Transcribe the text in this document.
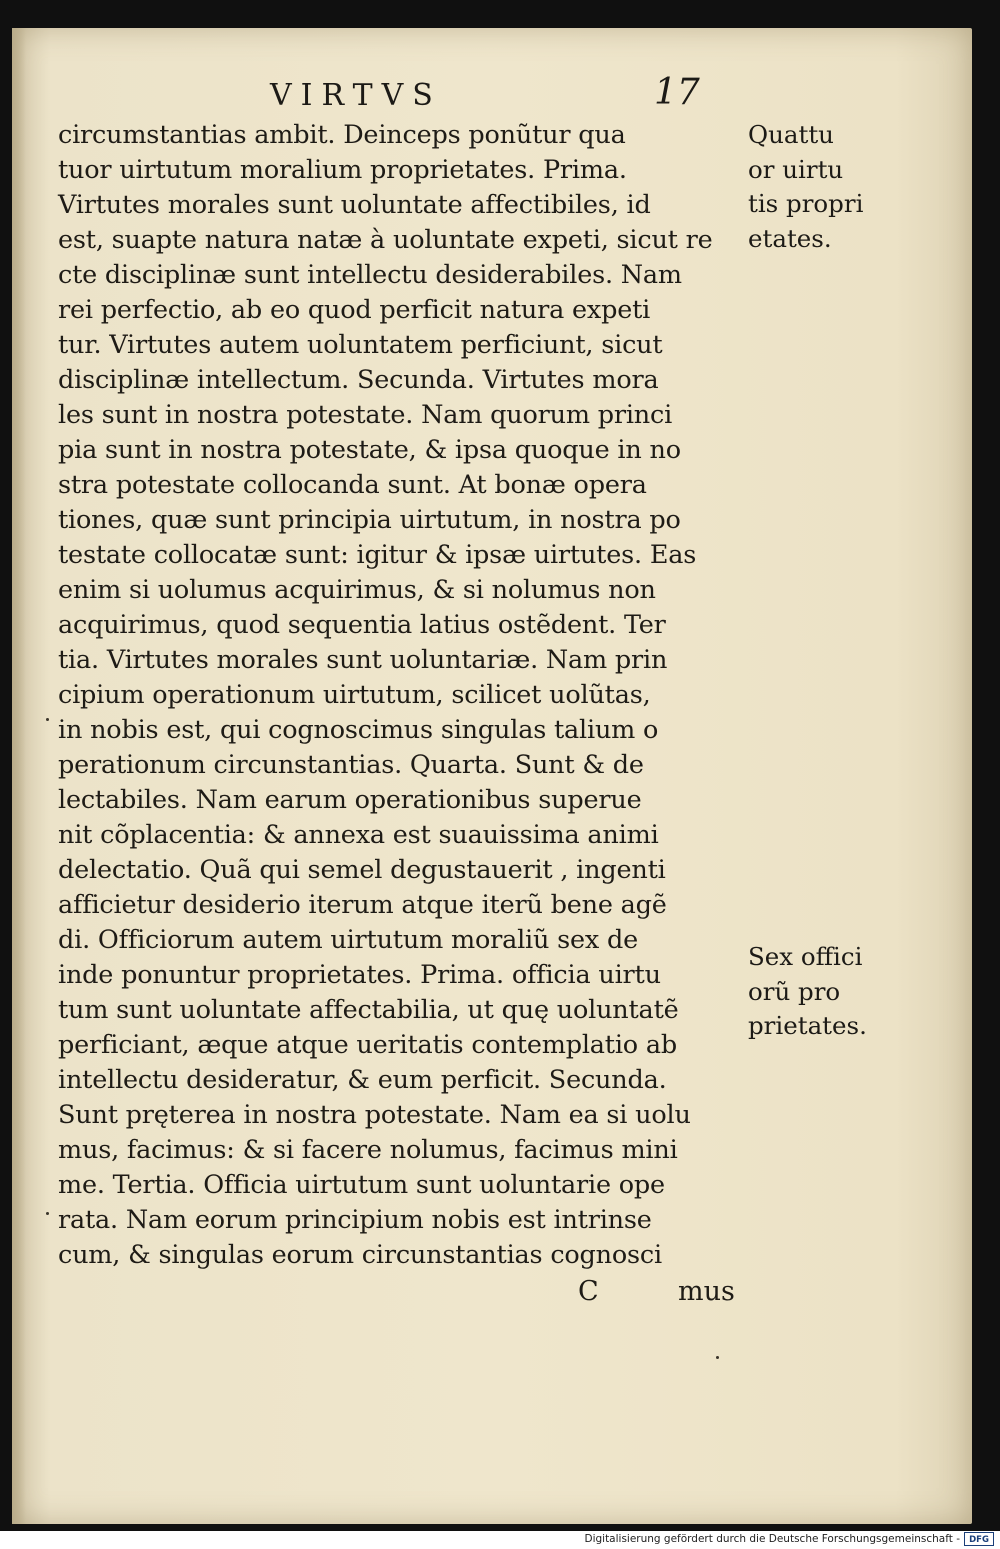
VIRTVS	17
circumstantias ambit. Deinceps ponũtur qua
tuor uirtutum moralium proprietates. Prima.
Virtutes morales sunt uoluntate affectibiles, id
est, suapte natura natæ à uoluntate expeti, sicut re
cte disciplinæ sunt intellectu desiderabiles. Nam
rei perfectio, ab eo quod perficit natura expeti
tur. Virtutes autem uoluntatem perficiunt, sicut
disciplinæ intellectum. Secunda. Virtutes mora
les sunt in nostra potestate. Nam quorum princi
pia sunt in nostra potestate, & ipsa quoque in no
stra potestate collocanda sunt. At bonæ opera
tiones, quæ sunt principia uirtutum, in nostra po
testate collocatæ sunt: igitur & ipsæ uirtutes. Eas
enim si uolumus acquirimus, & si nolumus non
acquirimus, quod sequentia latius ostẽdent. Ter
tia. Virtutes morales sunt uoluntariæ. Nam prin
cipium operationum uirtutum, scilicet uolũtas,
in nobis est, qui cognoscimus singulas talium o
perationum circunstantias. Quarta. Sunt & de
lectabiles. Nam earum operationibus superue
nit cõplacentia: & annexa est suauissima animi
delectatio. Quã qui semel degustauerit , ingenti
afficietur desiderio iterum atque iterũ bene agẽ
di. Officiorum autem uirtutum moraliũ sex de
inde ponuntur proprietates. Prima. officia uirtu
tum sunt uoluntate affectabilia, ut quę uoluntatẽ
perficiant, æque atque ueritatis contemplatio ab
intellectu desideratur, & eum perficit. Secunda.
Sunt pręterea in nostra potestate. Nam ea si uolu
mus, facimus: & si facere nolumus, facimus mini
me. Tertia. Officia uirtutum sunt uoluntarie ope
rata. Nam eorum principium nobis est intrinse
cum, & singulas eorum circunstantias cognosci
C	mus
Quattu
or uirtu
tis propri
etates.
Sex offici
orũ pro
prietates.
Digitalisierung gefördert durch die Deutsche Forschungsgemeinschaft -	DFG
